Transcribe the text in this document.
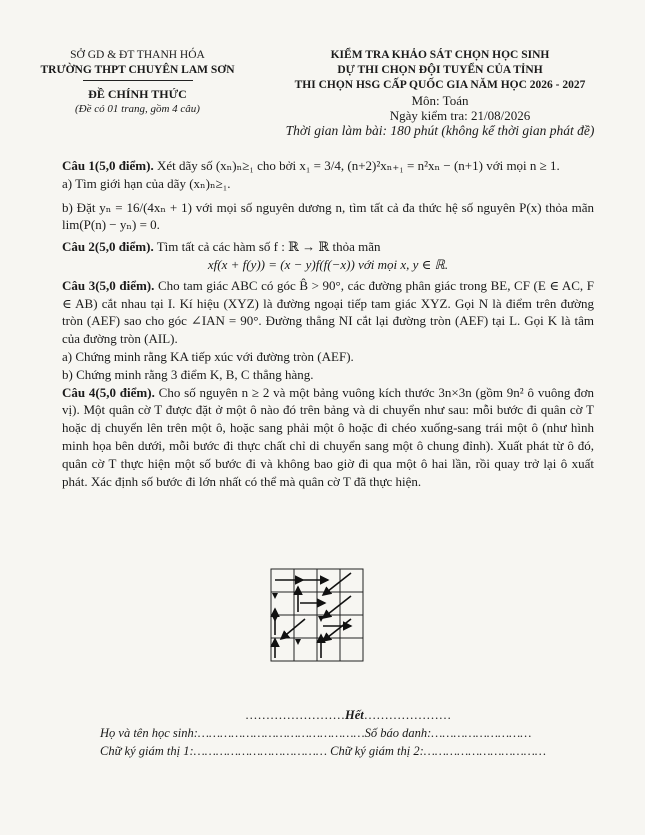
SỞ GD & ĐT THANH HÓA
TRƯỜNG THPT CHUYÊN LAM SƠN
ĐỀ CHÍNH THỨC
(Đề có 01 trang, gồm 4 câu)
KIỂM TRA KHẢO SÁT CHỌN HỌC SINH
DỰ THI CHỌN ĐỘI TUYỂN CỦA TỈNH
THI CHỌN HSG CẤP QUỐC GIA NĂM HỌC 2026 - 2027
Môn: Toán
Ngày kiểm tra: 21/08/2026
Thời gian làm bài: 180 phút (không kể thời gian phát đề)

Câu 1(5,0 điểm). Xét dãy số (xₙ)ₙ≥₁ cho bởi x₁ = 3/4, (n+2)²xₙ₊₁ = n²xₙ − (n+1) với mọi n ≥ 1.

a) Tìm giới hạn của dãy (xₙ)ₙ≥₁.

b) Đặt yₙ = 16/(4xₙ + 1) với mọi số nguyên dương n, tìm tất cả đa thức hệ số nguyên P(x) thỏa mãn lim(P(n) − yₙ) = 0.

Câu 2(5,0 điểm). Tìm tất cả các hàm số f : ℝ → ℝ thỏa mãn

xf(x + f(y)) = (x − y)f(f(−x)) với mọi x, y ∈ ℝ.

Câu 3(5,0 điểm). Cho tam giác ABC có góc B̂ > 90°, các đường phân giác trong BE, CF (E ∈ AC, F ∈ AB) cắt nhau tại I. Kí hiệu (XYZ) là đường ngoại tiếp tam giác XYZ. Gọi N là điểm trên đường tròn (AEF) sao cho góc ∠IAN = 90°. Đường thẳng NI cắt lại đường tròn (AEF) tại L. Gọi K là tâm của đường tròn (AIL).

a) Chứng minh rằng KA tiếp xúc với đường tròn (AEF).

b) Chứng minh rằng 3 điểm K, B, C thẳng hàng.

Câu 4(5,0 điểm). Cho số nguyên n ≥ 2 và một bảng vuông kích thước 3n×3n (gồm 9n² ô vuông đơn vị). Một quân cờ T được đặt ở một ô nào đó trên bảng và di chuyển như sau: mỗi bước đi quân cờ T hoặc dị chuyển lên trên một ô, hoặc sang phải một ô hoặc đi chéo xuống-sang trái một ô (như hình minh họa bên dưới, mỗi bước đi thực chất chỉ di chuyển sang một ô chung đỉnh). Xuất phát từ ô đó, quân cờ T thực hiện một số bước đi và không bao giờ đi qua một ô hai lần, rồi quay trở lại ô xuất phát. Xác định số bước đi lớn nhất có thể mà quân cờ T đã thực hiện.

……………………Hết…………………
Họ và tên học sinh:………………………………………Số báo danh:………………………
Chữ ký giám thị 1:……………………………… Chữ ký giám thị 2:……………………………
